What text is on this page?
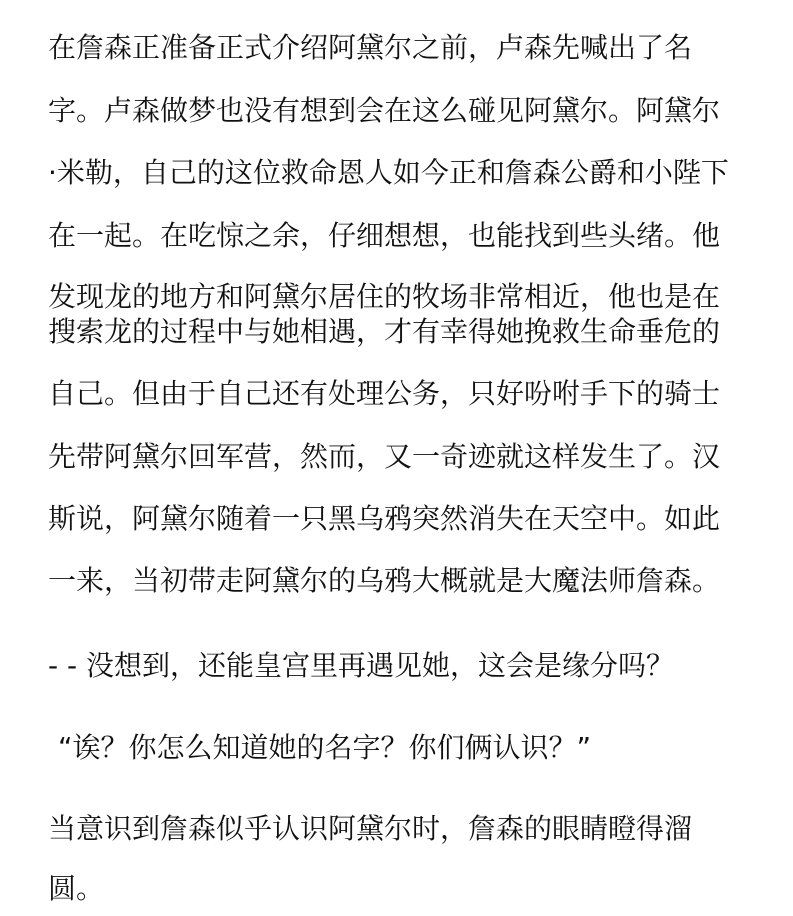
在詹森正准备正式介绍阿黛尔之前，卢森先喊出了名
字。卢森做梦也没有想到会在这么碰见阿黛尔。阿黛尔
·米勒，自己的这位救命恩人如今正和詹森公爵和小陛下
在一起。在吃惊之余，仔细想想，也能找到些头绪。他
发现龙的地方和阿黛尔居住的牧场非常相近，他也是在
搜索龙的过程中与她相遇，才有幸得她挽救生命垂危的
自己。但由于自己还有处理公务，只好吩咐手下的骑士
先带阿黛尔回军营，然而，又一奇迹就这样发生了。汉
斯说，阿黛尔随着一只黑乌鸦突然消失在天空中。如此
一来，当初带走阿黛尔的乌鸦大概就是大魔法师詹森。
- - 没想到，还能皇宫里再遇见她，这会是缘分吗？
“诶？你怎么知道她的名字？你们俩认识？”
当意识到詹森似乎认识阿黛尔时，詹森的眼睛瞪得溜
圆。
